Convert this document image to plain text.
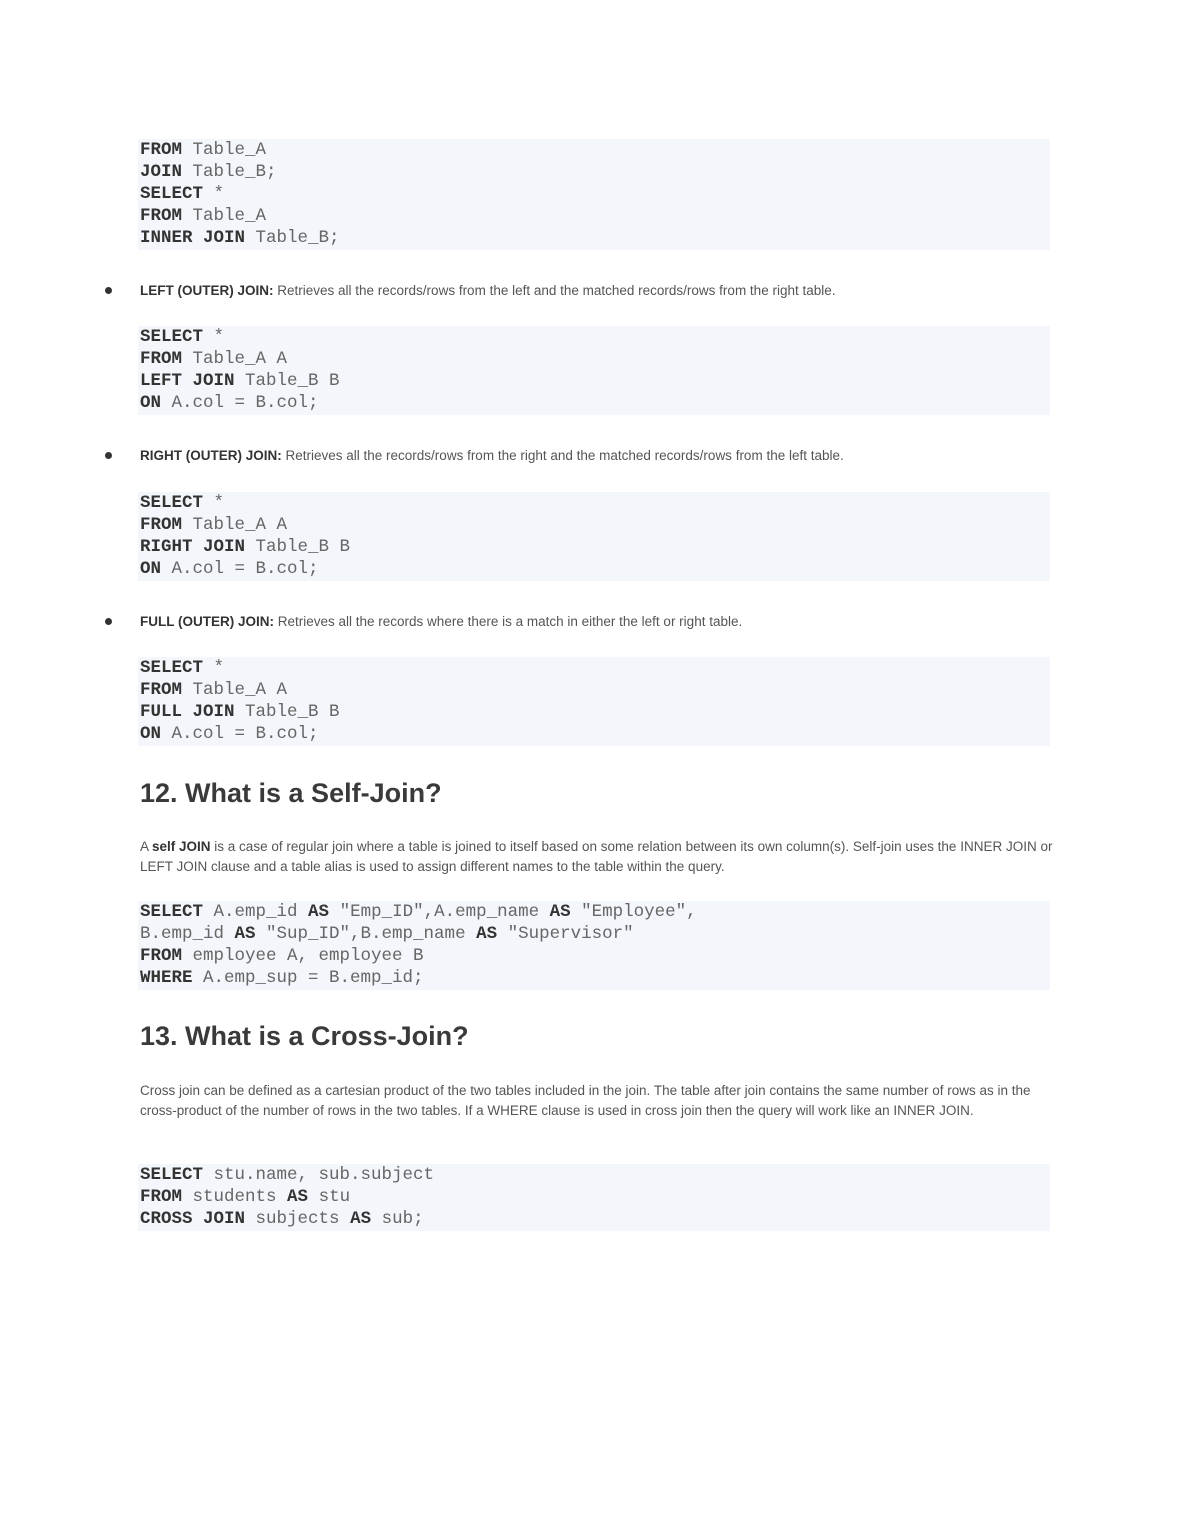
FROM Table_A
JOIN Table_B;
SELECT *
FROM Table_A
INNER JOIN Table_B;
LEFT (OUTER) JOIN: Retrieves all the records/rows from the left and the matched records/rows from the right table.
SELECT *
FROM Table_A A
LEFT JOIN Table_B B
ON A.col = B.col;
RIGHT (OUTER) JOIN: Retrieves all the records/rows from the right and the matched records/rows from the left table.
SELECT *
FROM Table_A A
RIGHT JOIN Table_B B
ON A.col = B.col;
FULL (OUTER) JOIN: Retrieves all the records where there is a match in either the left or right table.
SELECT *
FROM Table_A A
FULL JOIN Table_B B
ON A.col = B.col;
12. What is a Self-Join?

A self JOIN is a case of regular join where a table is joined to itself based on some relation between its own column(s). Self-join uses the INNER JOIN or LEFT JOIN clause and a table alias is used to assign different names to the table within the query.

SELECT A.emp_id AS "Emp_ID",A.emp_name AS "Employee",
B.emp_id AS "Sup_ID",B.emp_name AS "Supervisor"
FROM employee A, employee B
WHERE A.emp_sup = B.emp_id;
13. What is a Cross-Join?

Cross join can be defined as a cartesian product of the two tables included in the join. The table after join contains the same number of rows as in the cross-product of the number of rows in the two tables. If a WHERE clause is used in cross join then the query will work like an INNER JOIN.

SELECT stu.name, sub.subject
FROM students AS stu
CROSS JOIN subjects AS sub;
